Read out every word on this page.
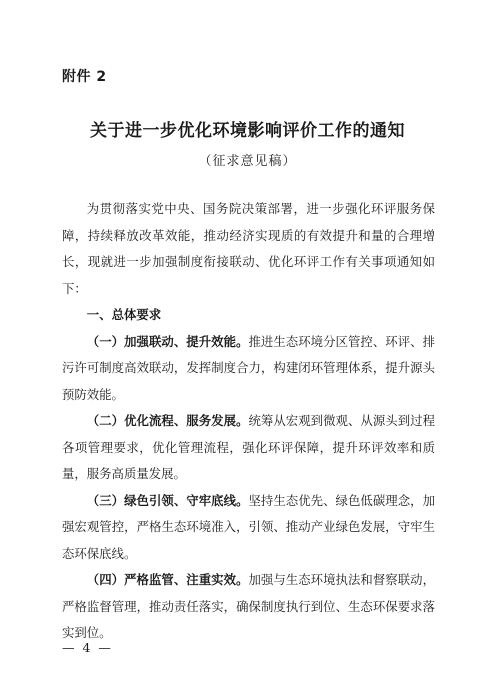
附件 2
关于进一步优化环境影响评价工作的通知
（征求意见稿）

为贯彻落实党中央、国务院决策部署，进一步强化环评服务保障，持续释放改革效能，推动经济实现质的有效提升和量的合理增长，现就进一步加强制度衔接联动、优化环评工作有关事项通知如下：

一、总体要求

（一）加强联动、提升效能。推进生态环境分区管控、环评、排污许可制度高效联动，发挥制度合力，构建闭环管理体系，提升源头预防效能。

（二）优化流程、服务发展。统筹从宏观到微观、从源头到过程各项管理要求，优化管理流程，强化环评保障，提升环评效率和质量，服务高质量发展。

（三）绿色引领、守牢底线。坚持生态优先、绿色低碳理念，加强宏观管控，严格生态环境准入，引领、推动产业绿色发展，守牢生态环保底线。

（四）严格监管、注重实效。加强与生态环境执法和督察联动，严格监督管理，推动责任落实，确保制度执行到位、生态环保要求落实到位。

— 4 —
